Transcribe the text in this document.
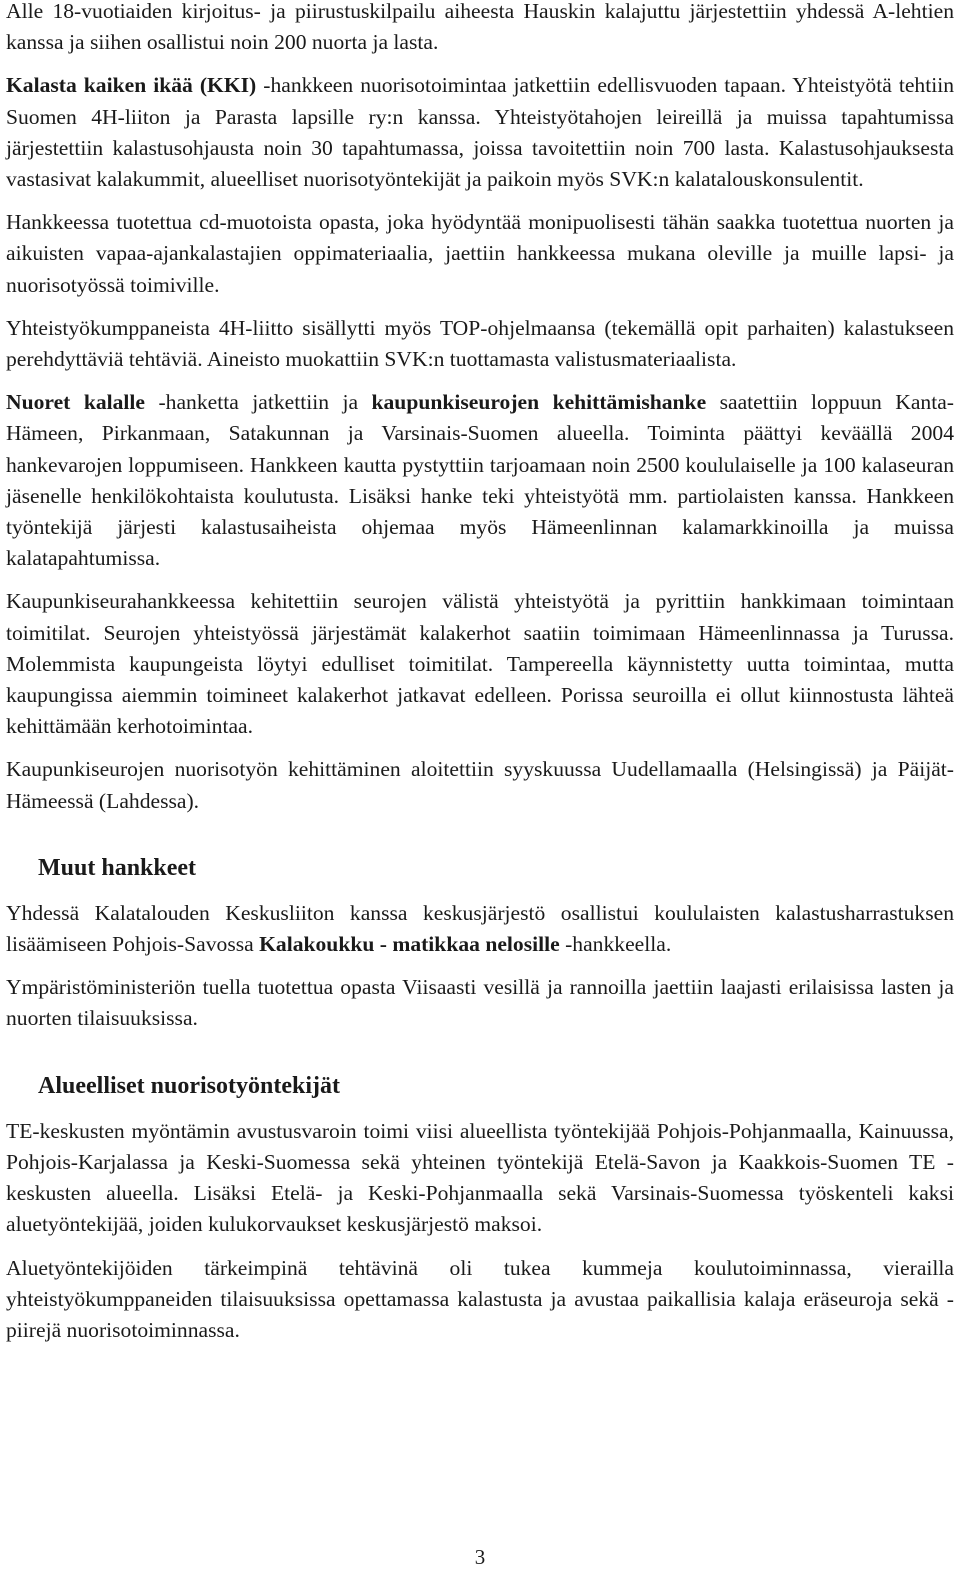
Alle 18-vuotiaiden kirjoitus- ja piirustuskilpailu aiheesta Hauskin kalajuttu järjestettiin yhdessä A-lehtien kanssa ja siihen osallistui noin 200 nuorta ja lasta.

Kalasta kaiken ikää (KKI) -hankkeen nuorisotoimintaa jatkettiin edellisvuoden tapaan. Yhteistyötä tehtiin Suomen 4H-liiton ja Parasta lapsille ry:n kanssa. Yhteistyötahojen leireillä ja muissa tapahtumissa järjestettiin kalastusohjausta noin 30 tapahtumassa, joissa tavoitettiin noin 700 lasta. Kalastusohjauksesta vastasivat kalakummit, alueelliset nuorisotyöntekijät ja paikoin myös SVK:n kalatalouskonsulentit.

Hankkeessa tuotettua cd-muotoista opasta, joka hyödyntää monipuolisesti tähän saakka tuotettua nuorten ja aikuisten vapaa-ajankalastajien oppimateriaalia, jaettiin hankkeessa mukana oleville ja muille lapsi- ja nuorisotyössä toimiville.

Yhteistyökumppaneista 4H-liitto sisällytti myös TOP-ohjelmaansa (tekemällä opit parhaiten) kalastukseen perehdyttäviä tehtäviä. Aineisto muokattiin SVK:n tuottamasta valistusmateriaalista.

Nuoret kalalle -hanketta jatkettiin ja kaupunkiseurojen kehittämishanke saatettiin loppuun Kanta-Hämeen, Pirkanmaan, Satakunnan ja Varsinais-Suomen alueella. Toiminta päättyi keväällä 2004 hankevarojen loppumiseen. Hankkeen kautta pystyttiin tarjoamaan noin 2500 koululaiselle ja 100 kalaseuran jäsenelle henkilökohtaista koulutusta. Lisäksi hanke teki yhteistyötä mm. partiolaisten kanssa. Hankkeen työntekijä järjesti kalastusaiheista ohjemaa myös Hämeenlinnan kalamarkkinoilla ja muissa kalatapahtumissa.

Kaupunkiseurahankkeessa kehitettiin seurojen välistä yhteistyötä ja pyrittiin hankkimaan toimintaan toimitilat. Seurojen yhteistyössä järjestämät kalakerhot saatiin toimimaan Hämeenlinnassa ja Turussa. Molemmista kaupungeista löytyi edulliset toimitilat. Tampereella käynnistetty uutta toimintaa, mutta kaupungissa aiemmin toimineet kalakerhot jatkavat edelleen. Porissa seuroilla ei ollut kiinnostusta lähteä kehittämään kerhotoimintaa.

Kaupunkiseurojen nuorisotyön kehittäminen aloitettiin syyskuussa Uudellamaalla (Helsingissä) ja Päijät-Hämeessä (Lahdessa).

Muut hankkeet

Yhdessä Kalatalouden Keskusliiton kanssa keskusjärjestö osallistui koululaisten kalastusharrastuksen lisäämiseen Pohjois-Savossa Kalakoukku - matikkaa nelosille -hankkeella.

Ympäristöministeriön tuella tuotettua opasta Viisaasti vesillä ja rannoilla jaettiin laajasti erilaisissa lasten ja nuorten tilaisuuksissa.

Alueelliset nuorisotyöntekijät

TE-keskusten myöntämin avustusvaroin toimi viisi alueellista työntekijää Pohjois-Pohjanmaalla, Kainuussa, Pohjois-Karjalassa ja Keski-Suomessa sekä yhteinen työntekijä Etelä-Savon ja Kaakkois-Suomen TE -keskusten alueella. Lisäksi Etelä- ja Keski-Pohjanmaalla sekä Varsinais-Suomessa työskenteli kaksi aluetyöntekijää, joiden kulukorvaukset keskusjärjestö maksoi.

Aluetyöntekijöiden tärkeimpinä tehtävinä oli tukea kummeja koulutoiminnassa, vierailla yhteistyökumppaneiden tilaisuuksissa opettamassa kalastusta ja avustaa paikallisia kalaja eräseuroja sekä -piirejä nuorisotoiminnassa.

3
